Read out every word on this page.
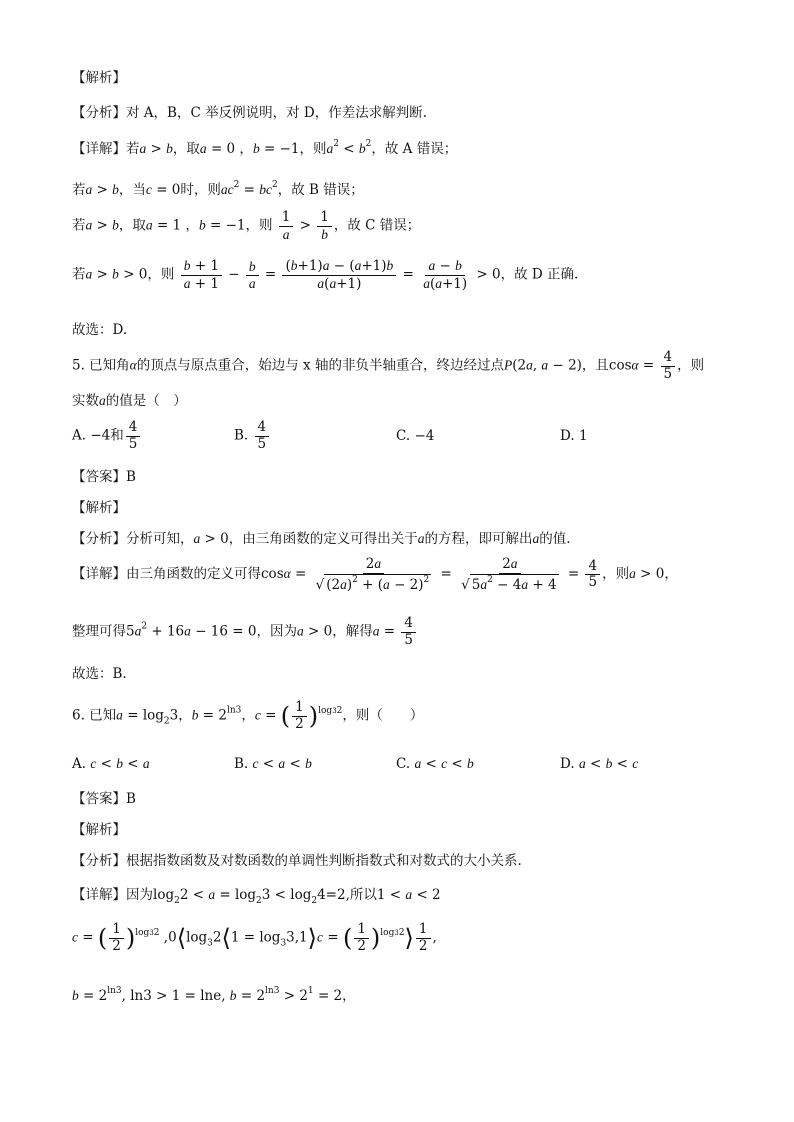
【解析】
【分析】对 A，B，C 举反例说明，对 D，作差法求解判断.
【详解】若a > b，取a = 0 ，b = −1，则$a^2 < b^2$，故 A 错误；
若a > b，当c = 0时，则$ac^2 = bc^2$，故 B 错误；
若a > b，取a = 1 ，b = −1，则 $\frac{1}{a} > \frac{1}{b}$ ，故 C 错误；
若a > b > 0，则 $\frac{b + 1}{a + 1} - \frac{b}{a} = \frac{(b+1)a - (a+1)b}{a(a+1)} = \frac{a - b}{a(a+1)} > 0$，故 D 正确.
故选：D.
5. 已知角α的顶点与原点重合，始边与 x 轴的非负半轴重合，终边经过点P(2a, a − 2)，且$\cos\alpha = \frac{4}{5}$ ，则
实数a的值是（　）
A. −4和 $\frac{4}{5}$	B. $\frac{4}{5}$	C. −4	D. 1
【答案】B
【解析】
【分析】分析可知，a > 0，由三角函数的定义可得出关于a的方程，即可解出a的值.
【详解】由三角函数的定义可得$\cos\alpha = \frac{2a}{√ (2a)^2 + (a - 2)^2} = \frac{2a}{√ 5a^2 - 4a + 4} = \frac{4}{5}$ ，则a > 0，
整理可得$5a^2 + 16a - 16 = 0$，因为a > 0，解得$a = \frac{4}{5}$
故选：B.
6. 已知$a = \log_23$，$b = 2^{ln3}$，c = ( $\frac{1}{2} )^{log32}$，则（　　）
A. c < b < a	B. c < a < b	C. a < c < b	D. a < b < c
【答案】B
【解析】
【分析】根据指数函数及对数函数的单调性判断指数式和对数式的大小关系.
【详解】因为$\log_22 < a = \log_23 < \log_24=2$,所以1 < a < 2
c = ( $\frac{1}{2} )^{log32}$ $,0⟨\log_32⟨1$ = $\log_33,1⟩c$ = ( $\frac{1}{2}$ )$^{log32}$⟩ $\frac{1}{2}$ ,
$b = 2^{ln3}$, ln3 > 1 = lne, $b = 2^{ln3} > 2^1 = 2$，
